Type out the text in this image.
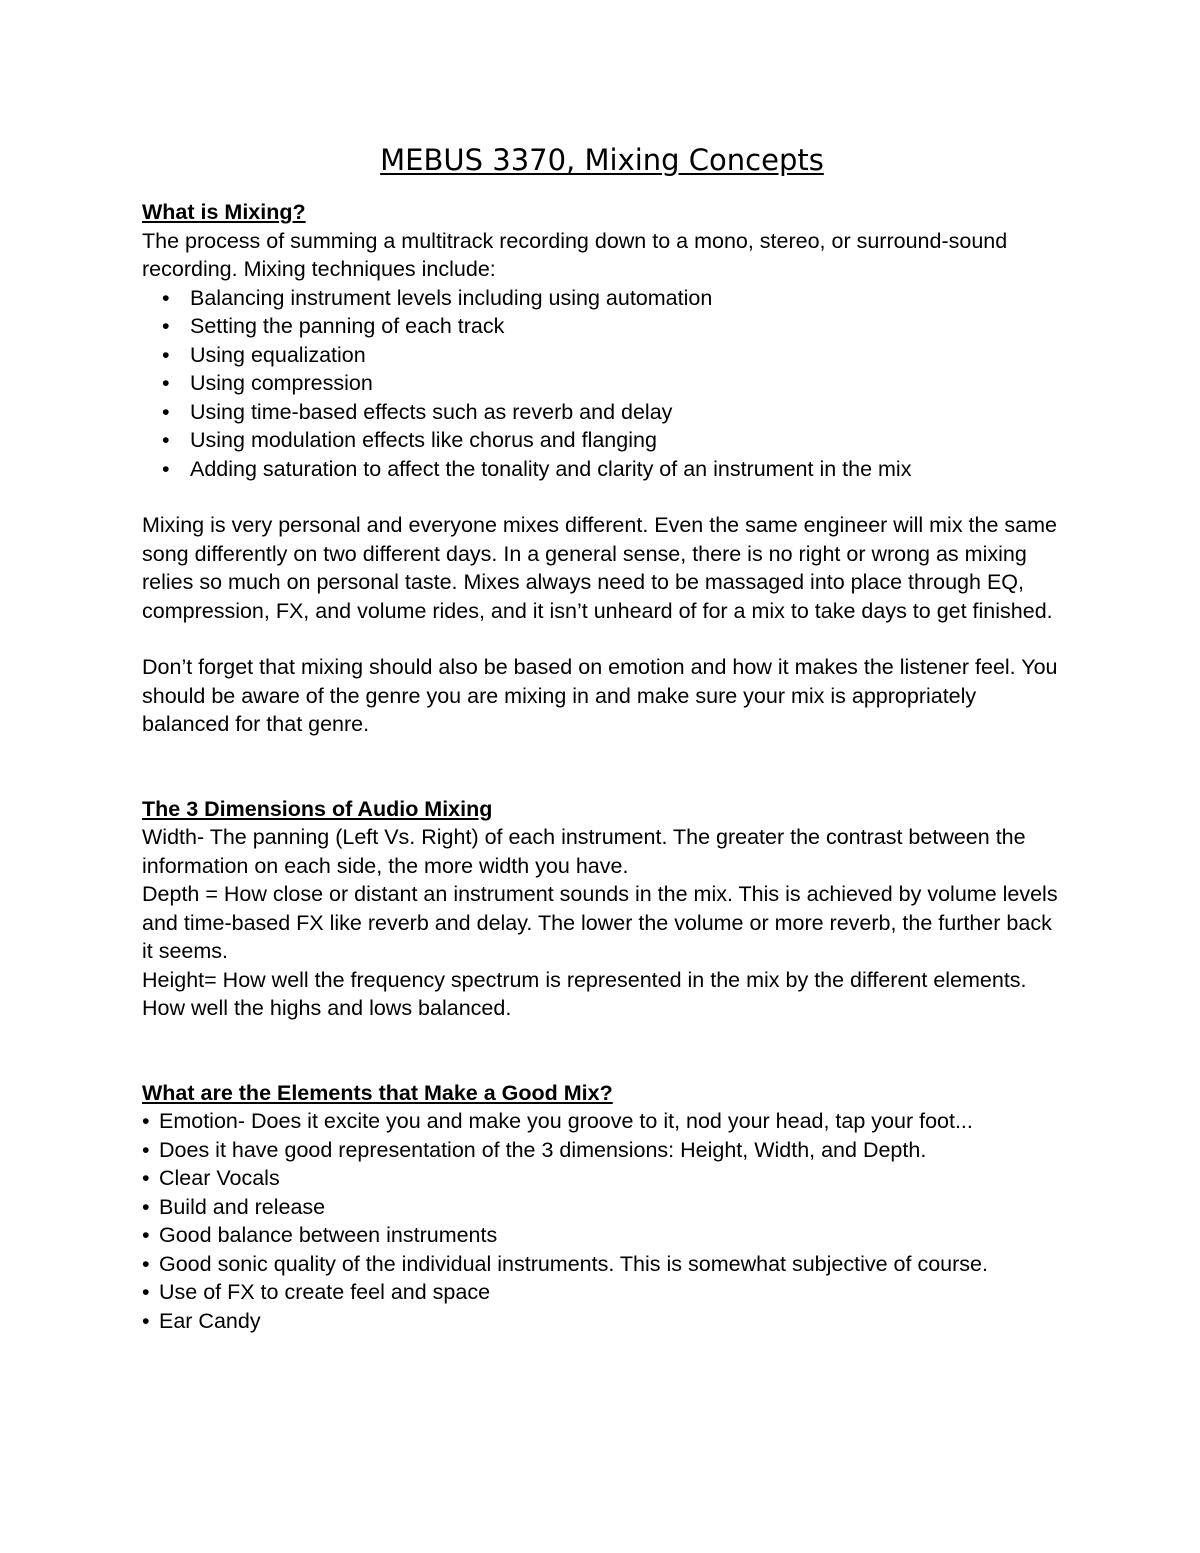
MEBUS 3370, Mixing Concepts

What is Mixing?

The process of summing a multitrack recording down to a mono, stereo, or surround-sound recording. Mixing techniques include:

• Balancing instrument levels including using automation
• Setting the panning of each track
• Using equalization
• Using compression
• Using time-based effects such as reverb and delay
• Using modulation effects like chorus and flanging
• Adding saturation to affect the tonality and clarity of an instrument in the mix

Mixing is very personal and everyone mixes different. Even the same engineer will mix the same song differently on two different days. In a general sense, there is no right or wrong as mixing relies so much on personal taste. Mixes always need to be massaged into place through EQ, compression, FX, and volume rides, and it isn’t unheard of for a mix to take days to get finished.

Don’t forget that mixing should also be based on emotion and how it makes the listener feel. You should be aware of the genre you are mixing in and make sure your mix is appropriately balanced for that genre.

The 3 Dimensions of Audio Mixing

Width- The panning (Left Vs. Right) of each instrument. The greater the contrast between the information on each side, the more width you have.

Depth = How close or distant an instrument sounds in the mix. This is achieved by volume levels and time-based FX like reverb and delay. The lower the volume or more reverb, the further back it seems.

Height= How well the frequency spectrum is represented in the mix by the different elements. How well the highs and lows balanced.

What are the Elements that Make a Good Mix?

• Emotion- Does it excite you and make you groove to it, nod your head, tap your foot...
• Does it have good representation of the 3 dimensions: Height, Width, and Depth.
• Clear Vocals
• Build and release
• Good balance between instruments
• Good sonic quality of the individual instruments. This is somewhat subjective of course.
• Use of FX to create feel and space
• Ear Candy
